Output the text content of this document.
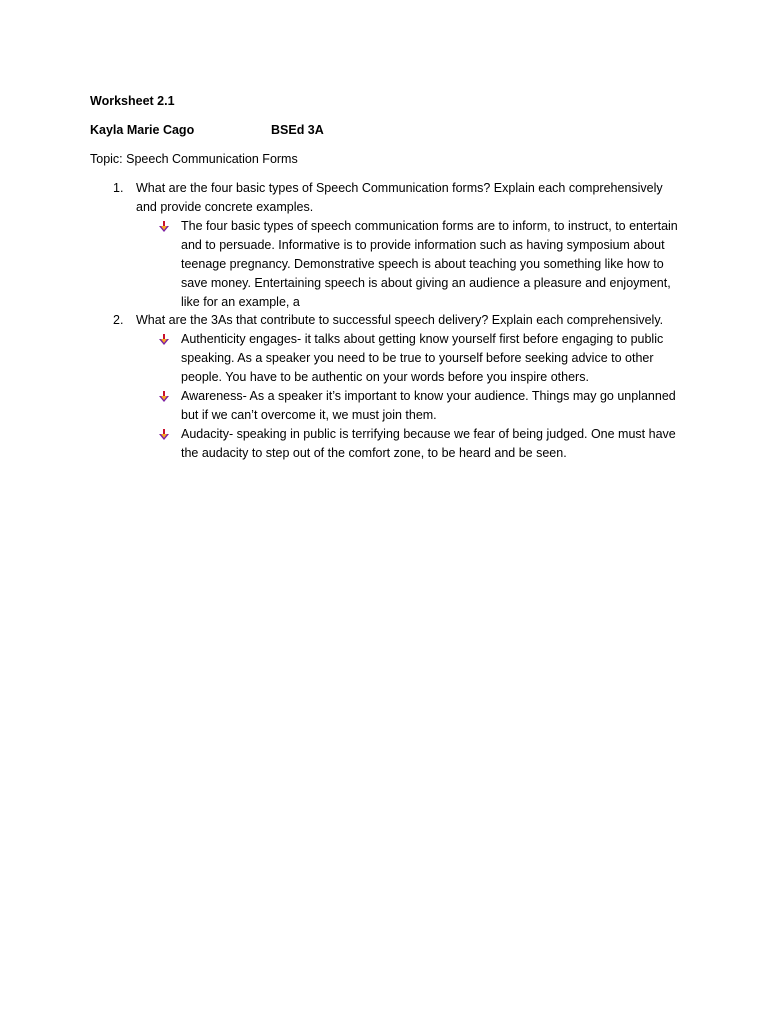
Worksheet 2.1
Kayla Marie Cago	BSEd 3A
Topic: Speech Communication Forms
1. What are the four basic types of Speech Communication forms? Explain each comprehensively and provide concrete examples.
The four basic types of speech communication forms are to inform, to instruct, to entertain and to persuade. Informative is to provide information such as having symposium about teenage pregnancy. Demonstrative speech is about teaching you something like how to save money. Entertaining speech is about giving an audience a pleasure and enjoyment, like for an example, a
2. What are the 3As that contribute to successful speech delivery? Explain each comprehensively.
Authenticity engages- it talks about getting know yourself first before engaging to public speaking. As a speaker you need to be true to yourself before seeking advice to other people. You have to be authentic on your words before you inspire others.
Awareness- As a speaker it’s important to know your audience. Things may go unplanned but if we can’t overcome it, we must join them.
Audacity- speaking in public is terrifying because we fear of being judged. One must have the audacity to step out of the comfort zone, to be heard and be seen.
